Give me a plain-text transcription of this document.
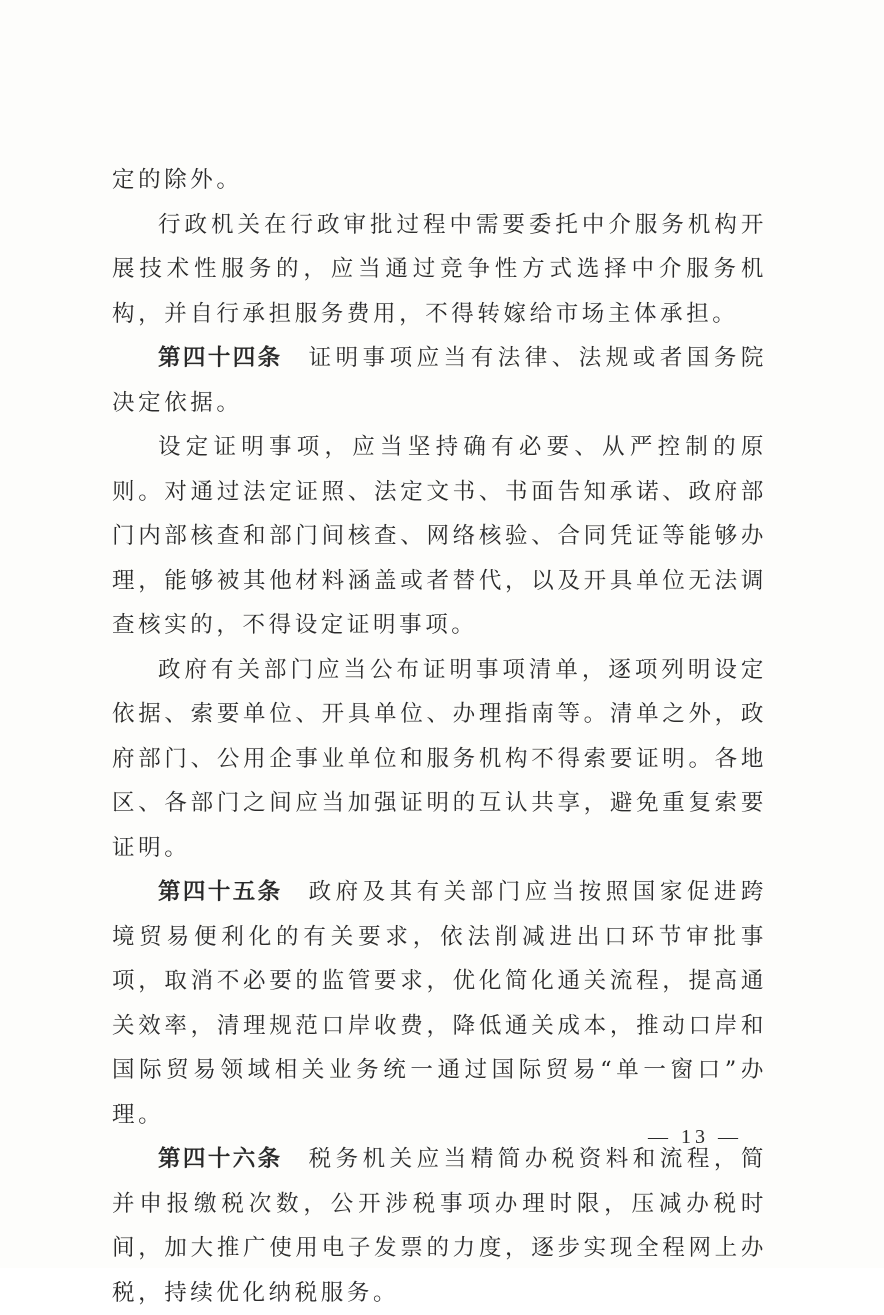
定的除外。

行政机关在行政审批过程中需要委托中介服务机构开展技术性服务的，应当通过竞争性方式选择中介服务机构，并自行承担服务费用，不得转嫁给市场主体承担。

第四十四条 证明事项应当有法律、法规或者国务院决定依据。

设定证明事项，应当坚持确有必要、从严控制的原则。对通过法定证照、法定文书、书面告知承诺、政府部门内部核查和部门间核查、网络核验、合同凭证等能够办理，能够被其他材料涵盖或者替代，以及开具单位无法调查核实的，不得设定证明事项。

政府有关部门应当公布证明事项清单，逐项列明设定依据、索要单位、开具单位、办理指南等。清单之外，政府部门、公用企事业单位和服务机构不得索要证明。各地区、各部门之间应当加强证明的互认共享，避免重复索要证明。

第四十五条 政府及其有关部门应当按照国家促进跨境贸易便利化的有关要求，依法削减进出口环节审批事项，取消不必要的监管要求，优化简化通关流程，提高通关效率，清理规范口岸收费，降低通关成本，推动口岸和国际贸易领域相关业务统一通过国际贸易“单一窗口”办理。

第四十六条 税务机关应当精简办税资料和流程，简并申报缴税次数，公开涉税事项办理时限，压减办税时间，加大推广使用电子发票的力度，逐步实现全程网上办税，持续优化纳税服务。

— 13 —
